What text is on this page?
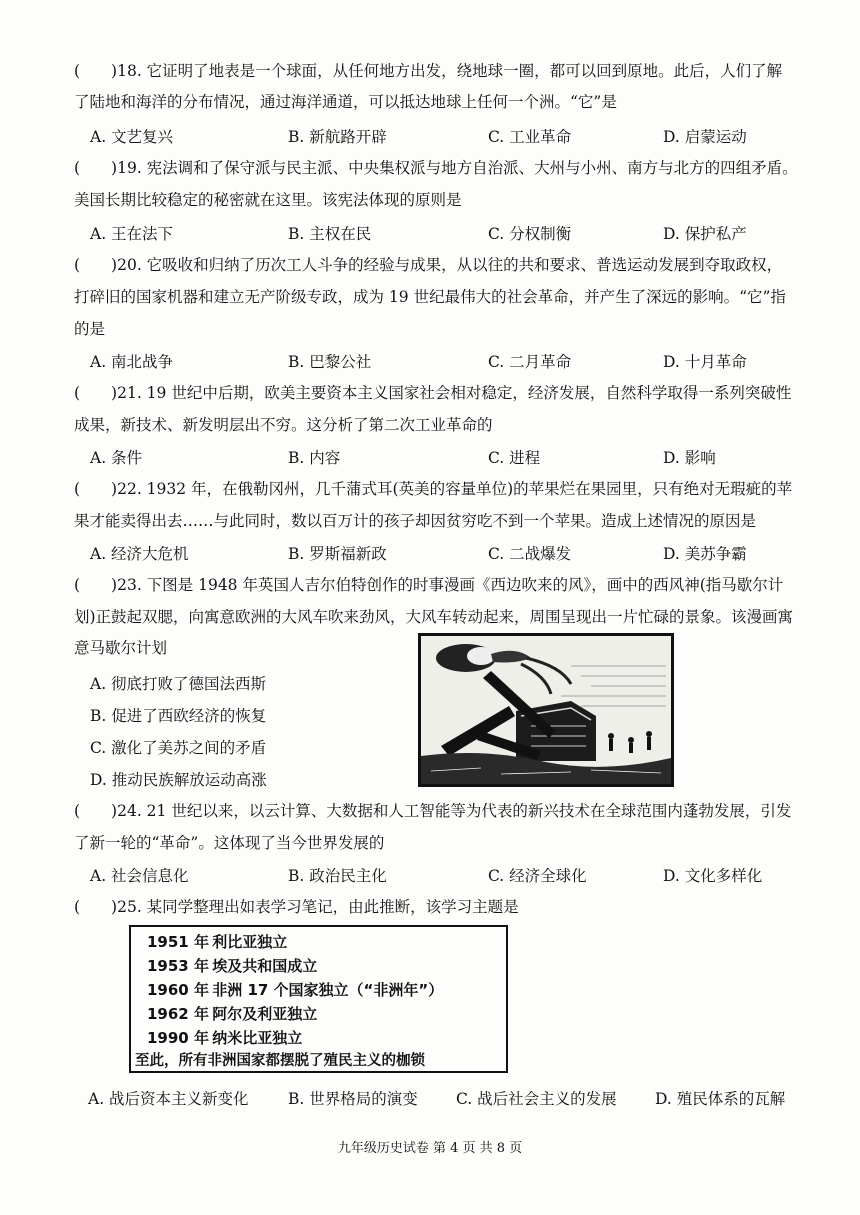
(　　)18. 它证明了地表是一个球面，从任何地方出发，绕地球一圈，都可以回到原地。此后，人们了解
了陆地和海洋的分布情况，通过海洋通道，可以抵达地球上任何一个洲。“它”是
A. 文艺复兴	B. 新航路开辟	C. 工业革命	D. 启蒙运动
(　　)19. 宪法调和了保守派与民主派、中央集权派与地方自治派、大州与小州、南方与北方的四组矛盾。
美国长期比较稳定的秘密就在这里。该宪法体现的原则是
A. 王在法下	B. 主权在民	C. 分权制衡	D. 保护私产
(　　)20. 它吸收和归纳了历次工人斗争的经验与成果，从以往的共和要求、普选运动发展到夺取政权，
打碎旧的国家机器和建立无产阶级专政，成为 19 世纪最伟大的社会革命，并产生了深远的影响。“它”指
的是
A. 南北战争	B. 巴黎公社	C. 二月革命	D. 十月革命
(　　)21. 19 世纪中后期，欧美主要资本主义国家社会相对稳定，经济发展，自然科学取得一系列突破性
成果，新技术、新发明层出不穷。这分析了第二次工业革命的
A. 条件	B. 内容	C. 进程	D. 影响
(　　)22. 1932 年，在俄勒冈州，几千蒲式耳(英美的容量单位)的苹果烂在果园里，只有绝对无瑕疵的苹
果才能卖得出去……与此同时，数以百万计的孩子却因贫穷吃不到一个苹果。造成上述情况的原因是
A. 经济大危机	B. 罗斯福新政	C. 二战爆发	D. 美苏争霸
(　　)23. 下图是 1948 年英国人吉尔伯特创作的时事漫画《西边吹来的风》，画中的西风神(指马歇尔计
划)正鼓起双腮，向寓意欧洲的大风车吹来劲风，大风车转动起来，周围呈现出一片忙碌的景象。该漫画寓
意马歇尔计划
A. 彻底打败了德国法西斯
B. 促进了西欧经济的恢复
C. 激化了美苏之间的矛盾
D. 推动民族解放运动高涨
(　　)24. 21 世纪以来，以云计算、大数据和人工智能等为代表的新兴技术在全球范围内蓬勃发展，引发
了新一轮的“革命”。这体现了当今世界发展的
A. 社会信息化	B. 政治民主化	C. 经济全球化	D. 文化多样化
(　　)25. 某同学整理出如表学习笔记，由此推断，该学习主题是
1951 年 利比亚独立
1953 年 埃及共和国成立
1960 年 非洲 17 个国家独立（“非洲年”）
1962 年 阿尔及利亚独立
1990 年 纳米比亚独立
至此，所有非洲国家都摆脱了殖民主义的枷锁
A. 战后资本主义新变化	B. 世界格局的演变 C. 战后社会主义的发展 D. 殖民体系的瓦解
九年级历史试卷 第 4 页 共 8 页
